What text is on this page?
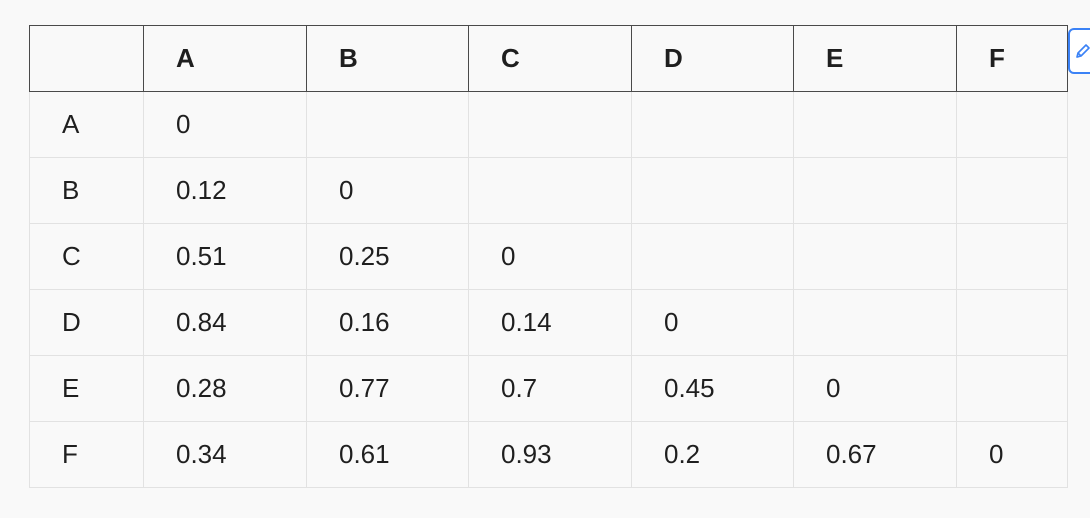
	A	B	C	D	E	F
A	0					
B	0.12	0				
C	0.51	0.25	0			
D	0.84	0.16	0.14	0		
E	0.28	0.77	0.7	0.45	0	
F	0.34	0.61	0.93	0.2	0.67	0
